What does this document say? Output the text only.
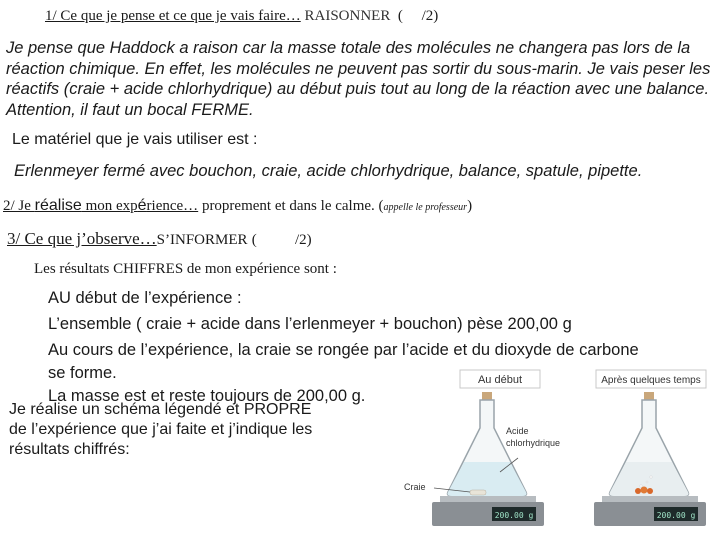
1/ Ce que je pense et ce que je vais faire… RAISONNER ( /2)
Je pense que Haddock a raison car la masse totale des molécules ne changera pas lors de la réaction chimique. En effet, les molécules ne peuvent pas sortir du sous-marin. Je vais peser les réactifs (craie + acide chlorhydrique) au début puis tout au long de la réaction avec une balance. Attention, il faut un bocal FERME.
Le matériel que je vais utiliser est :
Erlenmeyer fermé avec bouchon, craie, acide chlorhydrique, balance, spatule, pipette.
2/ Je réalise mon expérience… proprement et dans le calme. (appelle le professeur)
3/ Ce que j’observe…S’INFORMER (	/2)
Les résultats CHIFFRES de mon expérience sont :
AU début de l’expérience :
L’ensemble ( craie + acide dans l’erlenmeyer + bouchon) pèse 200,00 g
Au cours de l’expérience, la craie se rongée par l’acide et du dioxyde de carbone
se forme.
La masse est et reste toujours de 200,00 g.
Je réalise un schéma légendé et PROPRE de l’expérience que j’ai faite et j’indique les résultats chiffrés:
Au début	Après quelques temps
200.00 g
Acide
chlorhydrique
Craie
200.00 g
